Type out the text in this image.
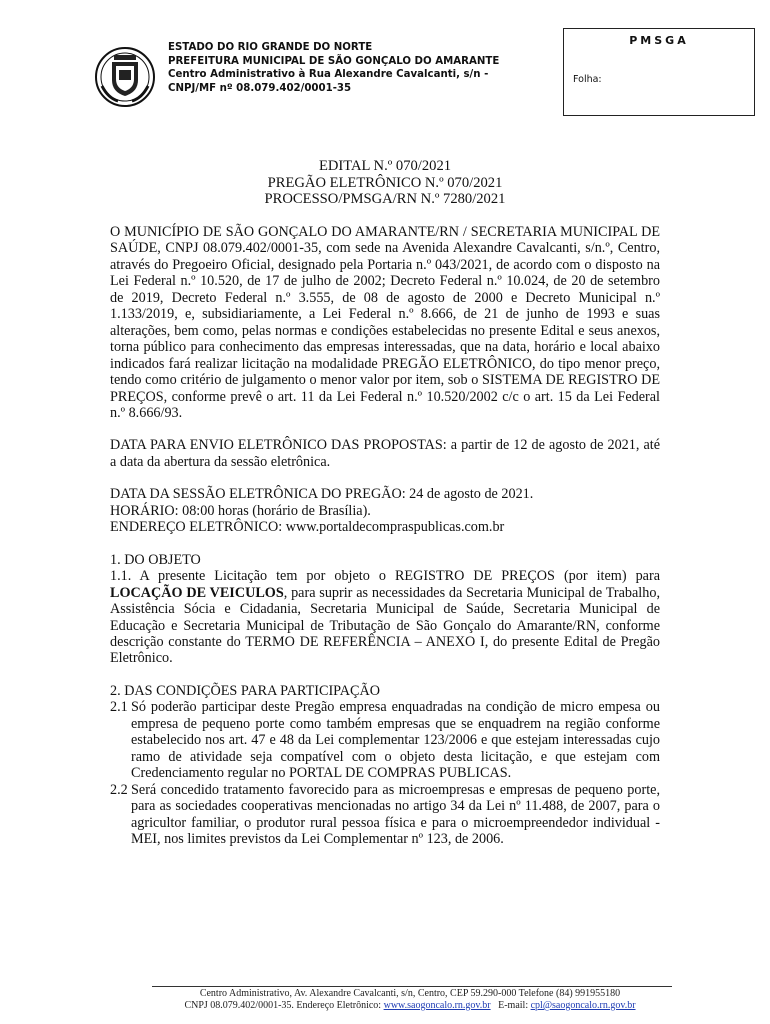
ESTADO DO RIO GRANDE DO NORTE
PREFEITURA MUNICIPAL DE SÃO GONÇALO DO AMARANTE
Centro Administrativo à Rua Alexandre Cavalcanti, s/n -
CNPJ/MF nº 08.079.402/0001-35
PMSGA
Folha:
EDITAL N.º 070/2021
PREGÃO ELETRÔNICO N.º 070/2021
PROCESSO/PMSGA/RN N.º 7280/2021

O MUNICÍPIO DE SÃO GONÇALO DO AMARANTE/RN / SECRETARIA MUNICIPAL DE SAÚDE, CNPJ 08.079.402/0001-35, com sede na Avenida Alexandre Cavalcanti, s/n.º, Centro, através do Pregoeiro Oficial, designado pela Portaria n.º 043/2021, de acordo com o disposto na Lei Federal n.º 10.520, de 17 de julho de 2002; Decreto Federal n.º 10.024, de 20 de setembro de 2019, Decreto Federal n.º 3.555, de 08 de agosto de 2000 e Decreto Municipal n.º 1.133/2019, e, subsidiariamente, a Lei Federal n.º 8.666, de 21 de junho de 1993 e suas alterações, bem como, pelas normas e condições estabelecidas no presente Edital e seus anexos, torna público para conhecimento das empresas interessadas, que na data, horário e local abaixo indicados fará realizar licitação na modalidade PREGÃO ELETRÔNICO, do tipo menor preço, tendo como critério de julgamento o menor valor por item, sob o SISTEMA DE REGISTRO DE PREÇOS, conforme prevê o art. 11 da Lei Federal n.º 10.520/2002 c/c o art. 15 da Lei Federal n.º 8.666/93.

DATA PARA ENVIO ELETRÔNICO DAS PROPOSTAS: a partir de 12 de agosto de 2021, até a data da abertura da sessão eletrônica.

DATA DA SESSÃO ELETRÔNICA DO PREGÃO: 24 de agosto de 2021.

HORÁRIO: 08:00 horas (horário de Brasília).

ENDEREÇO ELETRÔNICO: www.portaldecompraspublicas.com.br

1. DO OBJETO

1.1. A presente Licitação tem por objeto o REGISTRO DE PREÇOS (por item) para LOCAÇÃO DE VEICULOS, para suprir as necessidades da Secretaria Municipal de Trabalho, Assistência Sócia e Cidadania, Secretaria Municipal de Saúde, Secretaria Municipal de Educação e Secretaria Municipal de Tributação de São Gonçalo do Amarante/RN, conforme descrição constante do TERMO DE REFERÊNCIA – ANEXO I, do presente Edital de Pregão Eletrônico.

2. DAS CONDIÇÕES PARA PARTICIPAÇÃO

2.1 Só poderão participar deste Pregão empresa enquadradas na condição de micro empesa ou empresa de pequeno porte como também empresas que se enquadrem na região conforme estabelecido nos art. 47 e 48 da Lei complementar 123/2006 e que estejam interessadas cujo ramo de atividade seja compatível com o objeto desta licitação, e que estejam com Credenciamento regular no PORTAL DE COMPRAS PUBLICAS.
2.2 Será concedido tratamento favorecido para as microempresas e empresas de pequeno porte, para as sociedades cooperativas mencionadas no artigo 34 da Lei nº 11.488, de 2007, para o agricultor familiar, o produtor rural pessoa física e para o microempreendedor individual - MEI, nos limites previstos da Lei Complementar nº 123, de 2006.
Centro Administrativo, Av. Alexandre Cavalcanti, s/n, Centro, CEP 59.290-000 Telefone (84) 991955180
CNPJ 08.079.402/0001-35. Endereço Eletrônico: www.saogoncalo.rn.gov.br   E-mail: cpl@saogoncalo.rn.gov.br
